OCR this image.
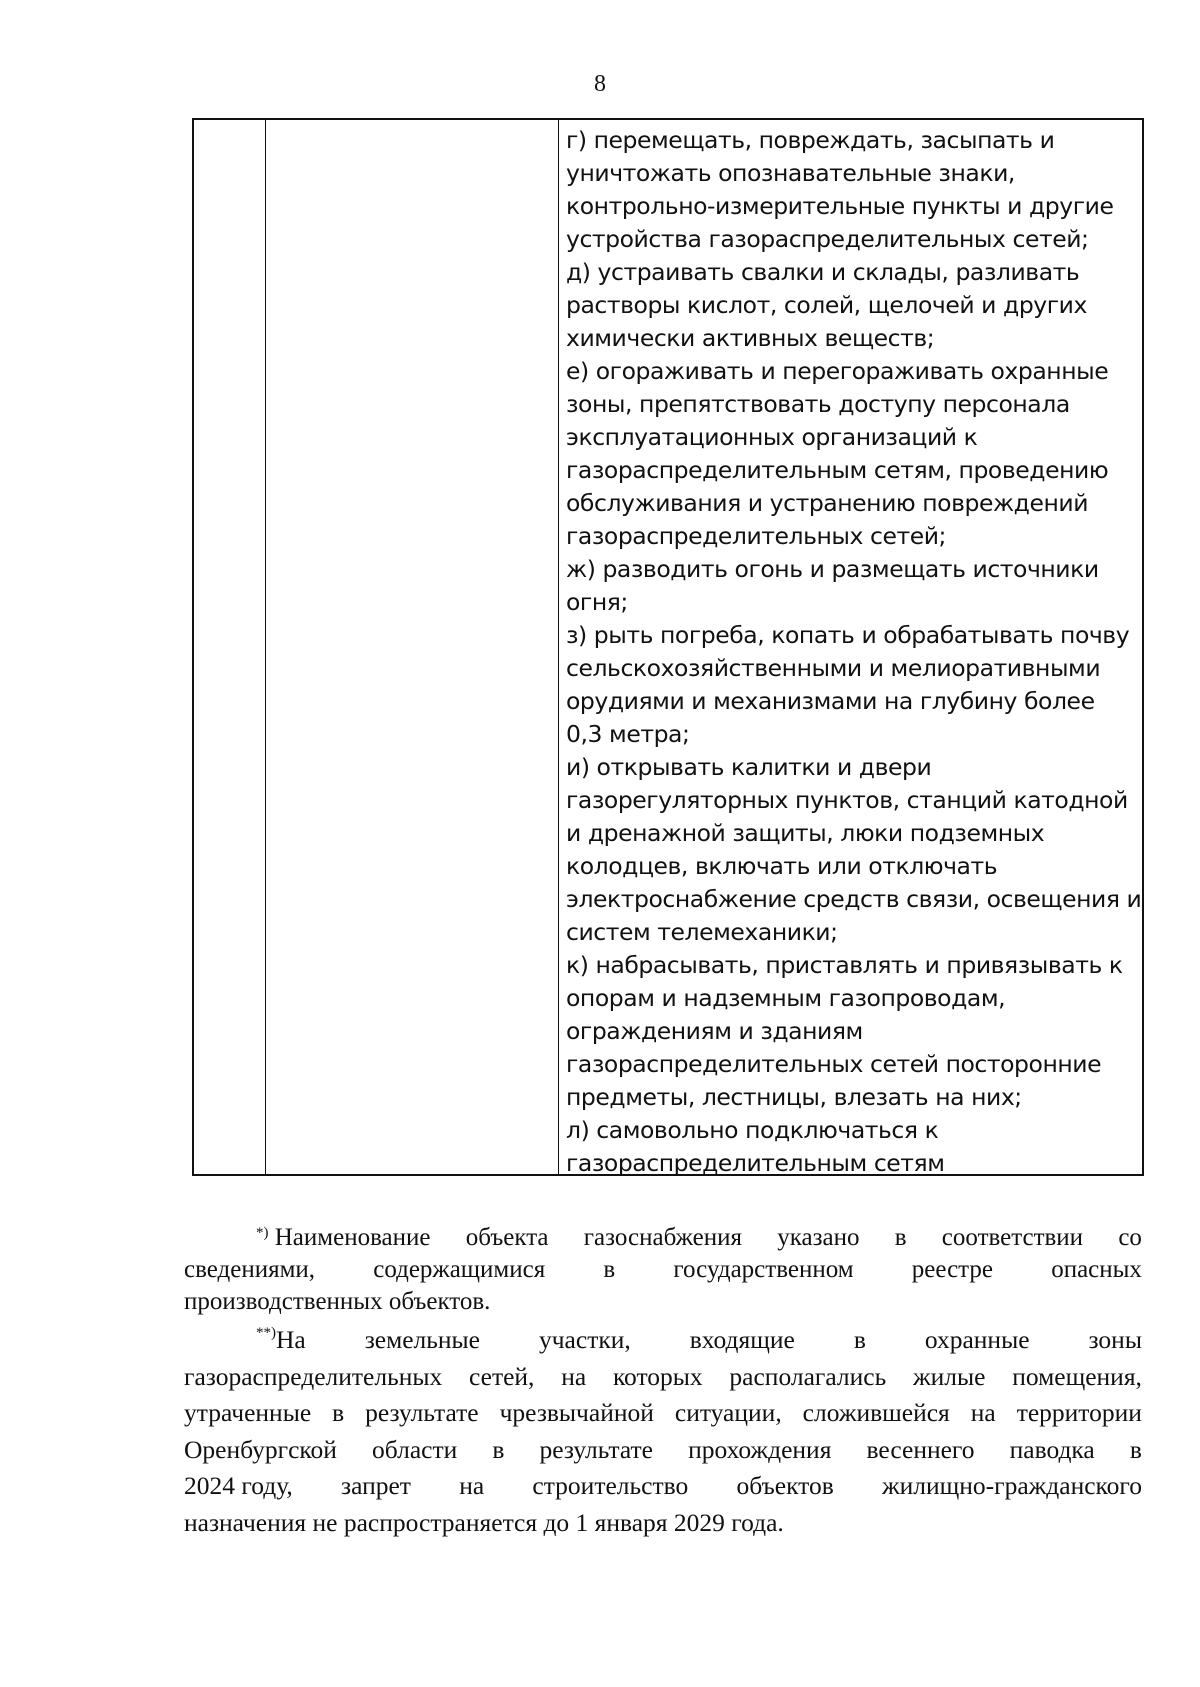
8
г) перемещать, повреждать, засыпать и
уничтожать опознавательные знаки,
контрольно-измерительные пункты и другие
устройства газораспределительных сетей;
д) устраивать свалки и склады, разливать
растворы кислот, солей, щелочей и других
химически активных веществ;
е) огораживать и перегораживать охранные
зоны, препятствовать доступу персонала
эксплуатационных организаций к
газораспределительным сетям, проведению
обслуживания и устранению повреждений
газораспределительных сетей;
ж) разводить огонь и размещать источники
огня;
з) рыть погреба, копать и обрабатывать почву
сельскохозяйственными и мелиоративными
орудиями и механизмами на глубину более
0,3 метра;
и) открывать калитки и двери
газорегуляторных пунктов, станций катодной
и дренажной защиты, люки подземных
колодцев, включать или отключать
электроснабжение средств связи, освещения и
систем телемеханики;
к) набрасывать, приставлять и привязывать к
опорам и надземным газопроводам,
ограждениям и зданиям
газораспределительных сетей посторонние
предметы, лестницы, влезать на них;
л) самовольно подключаться к
газораспределительным сетям
*) Наименование объекта газоснабжения указано в соответствии со
сведениями, содержащимися в государственном реестре опасных
производственных объектов.
**)На земельные участки, входящие в охранные зоны
газораспределительных сетей, на которых располагались жилые помещения,
утраченные в результате чрезвычайной ситуации, сложившейся на территории
Оренбургской области в результате прохождения весеннего паводка в
2024 году, запрет на строительство объектов жилищно-гражданского
назначения не распространяется до 1 января 2029 года.
